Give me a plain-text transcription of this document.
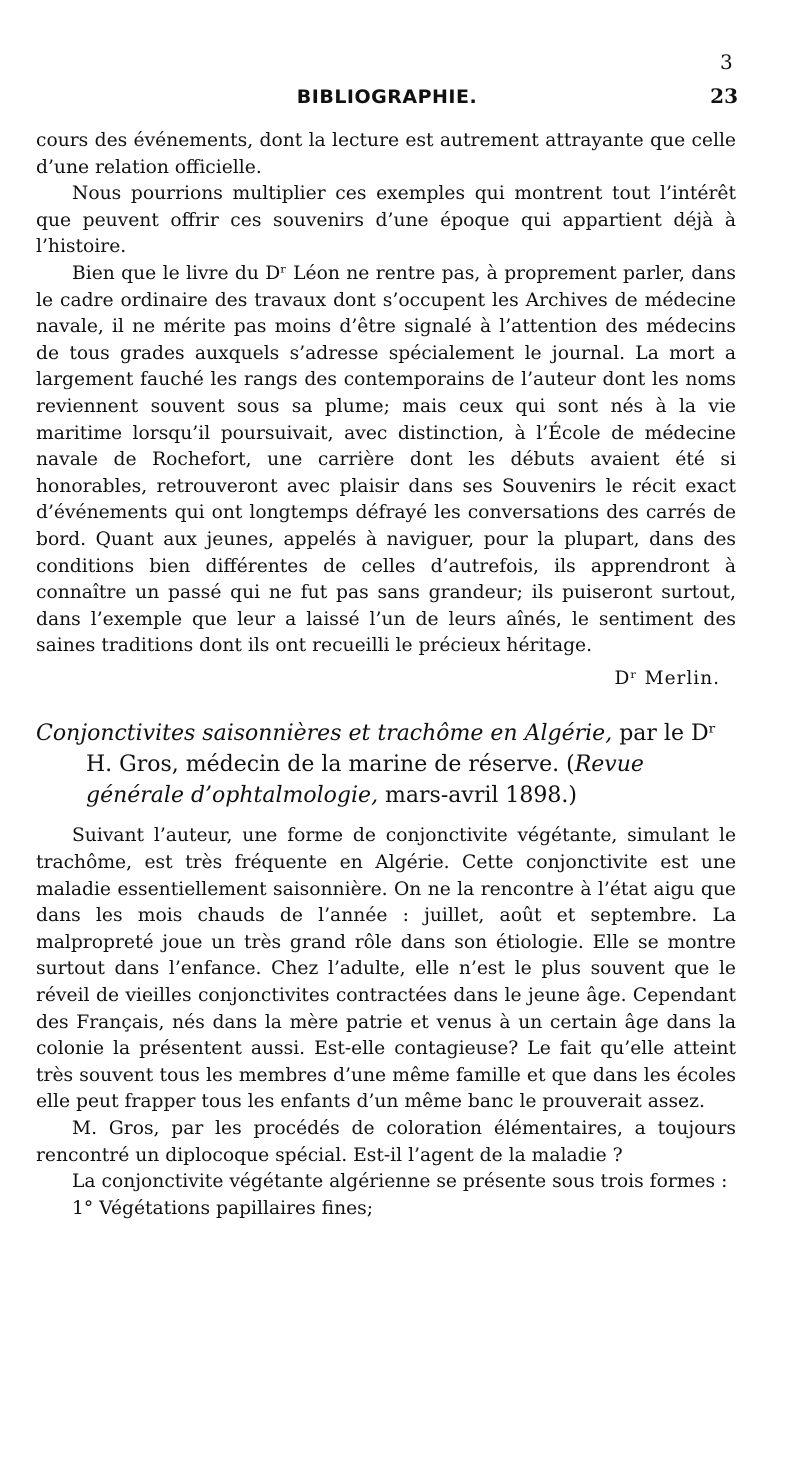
3
BIBLIOGRAPHIE.	23

cours des événements, dont la lecture est autrement attrayante que celle d’une relation officielle.

Nous pourrions multiplier ces exemples qui montrent tout l’intérêt que peuvent offrir ces souvenirs d’une époque qui appartient déjà à l’histoire.

Bien que le livre du Dʳ Léon ne rentre pas, à proprement parler, dans le cadre ordinaire des travaux dont s’occupent les Archives de médecine navale, il ne mérite pas moins d’être signalé à l’attention des médecins de tous grades auxquels s’adresse spécialement le journal. La mort a largement fauché les rangs des contemporains de l’auteur dont les noms reviennent souvent sous sa plume; mais ceux qui sont nés à la vie maritime lorsqu’il poursuivait, avec distinction, à l’École de médecine navale de Rochefort, une carrière dont les débuts avaient été si honorables, retrouveront avec plaisir dans ses Souvenirs le récit exact d’événements qui ont longtemps défrayé les conversations des carrés de bord. Quant aux jeunes, appelés à naviguer, pour la plupart, dans des conditions bien différentes de celles d’autrefois, ils apprendront à connaître un passé qui ne fut pas sans grandeur; ils puiseront surtout, dans l’exemple que leur a laissé l’un de leurs aînés, le sentiment des saines traditions dont ils ont recueilli le précieux héritage.

Dʳ Merlin.

Conjonctivites saisonnières et trachôme en Algérie, par le Dʳ H. Gros, médecin de la marine de réserve. (Revue générale d’ophtalmologie, mars-avril 1898.)

Suivant l’auteur, une forme de conjonctivite végétante, simulant le trachôme, est très fréquente en Algérie. Cette conjonctivite est une maladie essentiellement saisonnière. On ne la rencontre à l’état aigu que dans les mois chauds de l’année : juillet, août et septembre. La malpropreté joue un très grand rôle dans son étiologie. Elle se montre surtout dans l’enfance. Chez l’adulte, elle n’est le plus souvent que le réveil de vieilles conjonctivites contractées dans le jeune âge. Cependant des Français, nés dans la mère patrie et venus à un certain âge dans la colonie la présentent aussi. Est-elle contagieuse? Le fait qu’elle atteint très souvent tous les membres d’une même famille et que dans les écoles elle peut frapper tous les enfants d’un même banc le prouverait assez.

M. Gros, par les procédés de coloration élémentaires, a toujours rencontré un diplocoque spécial. Est-il l’agent de la maladie ?

La conjonctivite végétante algérienne se présente sous trois formes :

1° Végétations papillaires fines;
